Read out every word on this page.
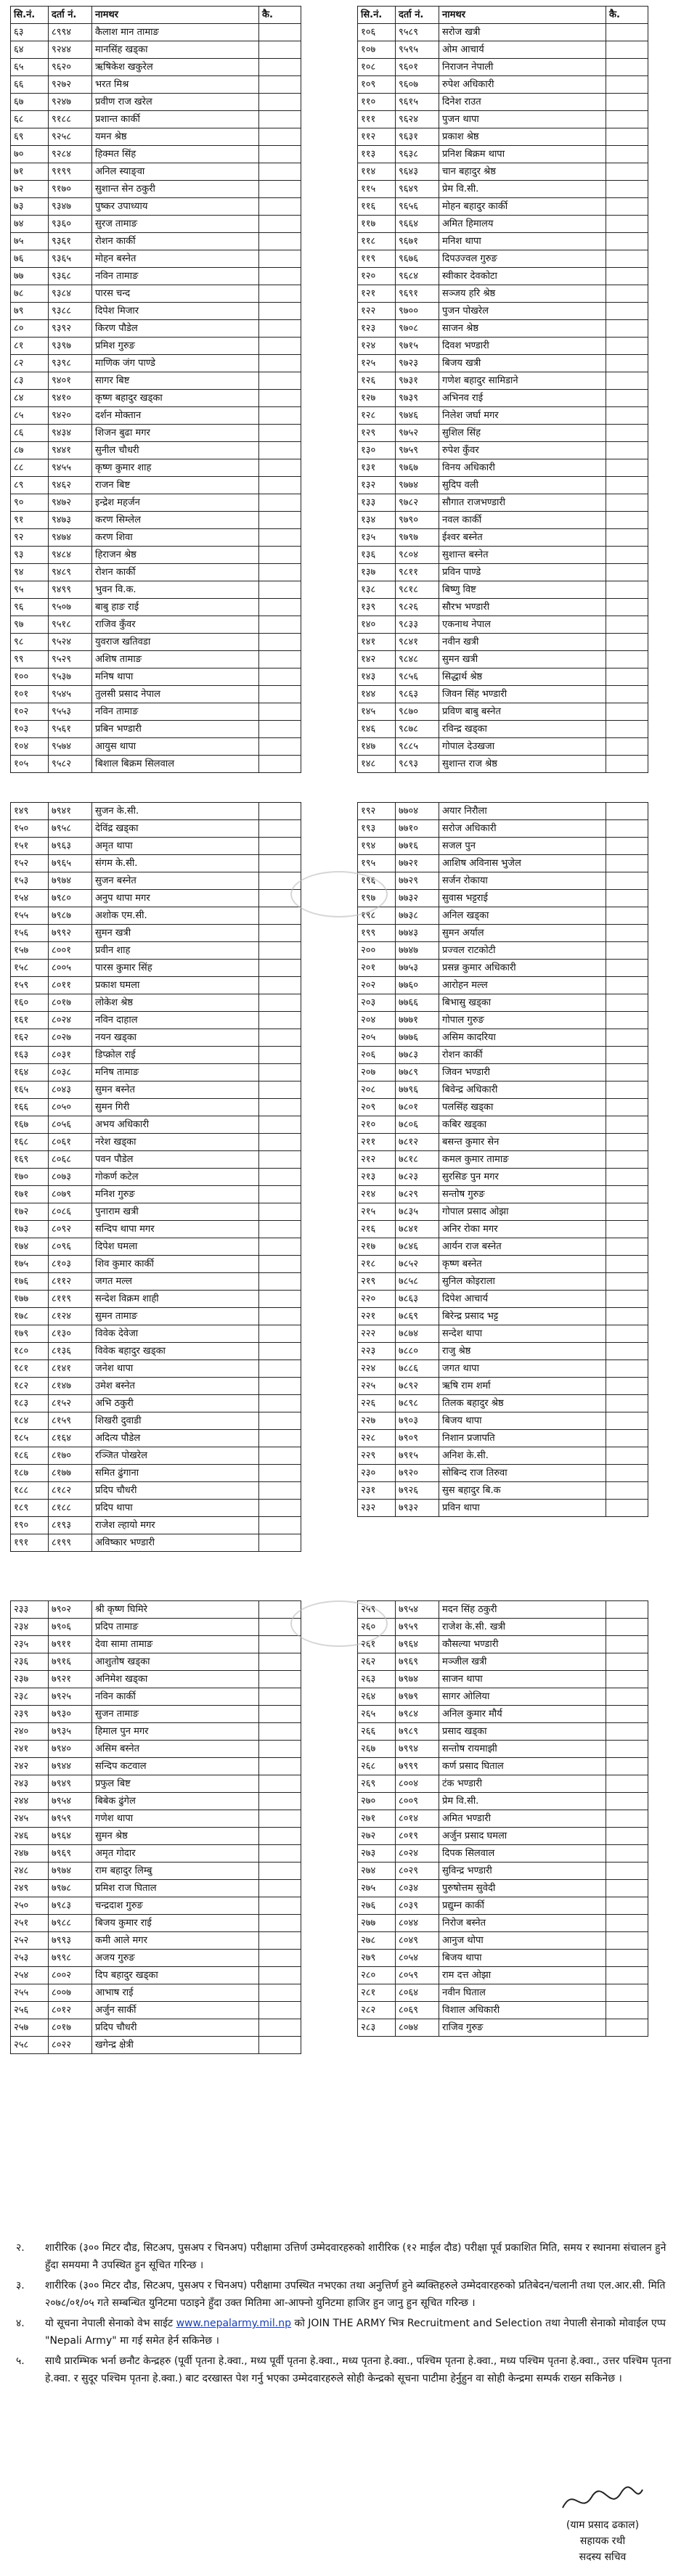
सि.नं.	दर्ता नं.	नामथर	कै.
६३	८९९४	कैलाश मान तामाङ	
६४	९२४४	मानसिंह खड्का	
६५	९६२०	ऋषिकेश खकुरेल	
६६	९२७२	भरत मिश्र	
६७	९२४७	प्रवीण राज खरेल	
६८	९१८८	प्रशान्त कार्की	
६९	९२५८	यमन श्रेष्ठ	
७०	९२८४	हिक्मत सिंह	
७१	९१९९	अनिल स्याङ्वा	
७२	९१७०	सुशान्त सेन ठकुरी	
७३	९३४७	पुष्कर उपाध्याय	
७४	९३६०	सुरज तामाङ	
७५	९३६१	रोशन कार्की	
७६	९३६५	मोहन बस्नेत	
७७	९३६८	नविन तामाङ	
७८	९३८४	पारस चन्द	
७९	९३८८	दिपेश मिजार	
८०	९३९२	किरण पौडेल	
८१	९३९७	प्रमिश गुरुङ	
८२	९३९८	माणिक जंग पाण्डे	
८३	९४०१	सागर बिष्ट	
८४	९४१०	कृष्ण बहादुर खड्का	
८५	९४२०	दर्शन मोक्तान	
८६	९४३४	शिजन बुढा मगर	
८७	९४४१	सुनील चौधरी	
८८	९४५५	कृष्ण कुमार शाह	
८९	९४६२	राजन बिष्ट	
९०	९४७२	इन्द्रेश महर्जन	
९१	९४७३	करण सिम्लेल	
९२	९४७४	करण शिवा	
९३	९४८४	हिराजन श्रेष्ठ	
९४	९४८९	रोशन कार्की	
९५	९४९९	भुवन वि.क.	
९६	९५०७	बाबु हाङ राई	
९७	९५१८	राजिव कुँवर	
९८	९५२४	युवराज खतिवडा	
९९	९५२९	अशिष तामाङ	
१००	९५३७	मनिष थापा	
१०१	९५४५	तुलसी प्रसाद नेपाल	
१०२	९५५३	नविन तामाङ	
१०३	९५६१	प्रबिन भण्डारी	
१०४	९५७४	आयुस थापा	
१०५	९५८२	बिशाल बिक्रम सिलवाल	
सि.नं.	दर्ता नं.	नामथर	कै.
१०६	९५८९	सरोज खत्री	
१०७	९५९५	ओम आचार्य	
१०८	९६०१	निराजन नेपाली	
१०९	९६०७	रुपेश अधिकारी	
११०	९६१५	दिनेश राउत	
१११	९६२४	पुजन थापा	
११२	९६३१	प्रकाश श्रेष्ठ	
११३	९६३८	प्रनिश बिक्रम थापा	
११४	९६४३	चान बहादुर श्रेष्ठ	
११५	९६४९	प्रेम वि.सी.	
११६	९६५६	मोहन बहादुर कार्की	
११७	९६६४	अमित हिमालय	
११८	९६७१	मनिश थापा	
११९	९६७६	दिपउज्वल गुरुङ	
१२०	९६८४	स्वीकार देवकोटा	
१२१	९६९१	सञ्जय हरि श्रेष्ठ	
१२२	९७००	पुजन पोखरेल	
१२३	९७०८	साजन श्रेष्ठ	
१२४	९७१५	दिवश भण्डारी	
१२५	९७२३	बिजय खत्री	
१२६	९७३१	गणेश बहादुर सामिडाने	
१२७	९७३९	अभिनव राई	
१२८	९७४६	निलेश जर्घा मगर	
१२९	९७५२	सुशिल सिंह	
१३०	९७५९	रुपेश कुँवर	
१३१	९७६७	विनय अधिकारी	
१३२	९७७४	सुदिप वली	
१३३	९७८२	सौगात राजभण्डारी	
१३४	९७९०	नवल कार्की	
१३५	९७९७	ईश्वर बस्नेत	
१३६	९८०४	सुशान्त बस्नेत	
१३७	९८११	प्रविन पाण्डे	
१३८	९८१८	बिष्णु विष्ट	
१३९	९८२६	सौरभ भण्डारी	
१४०	९८३३	एकनाथ नेपाल	
१४१	९८४१	नवीन खत्री	
१४२	९८४८	सुमन खत्री	
१४३	९८५६	सिद्धार्थ श्रेष्ठ	
१४४	९८६३	जिवन सिंह भण्डारी	
१४५	९८७०	प्रविण बाबु बस्नेत	
१४६	९८७८	रविन्द्र खड्का	
१४७	९८८५	गोपाल देउखजा	
१४८	९८९३	सुशान्त राज श्रेष्ठ	
१४९	७९४१	सुजन के.सी.	
१५०	७९५८	देविंद्र खड्का	
१५१	७९६३	अमृत थापा	
१५२	७९६५	संगम के.सी.	
१५३	७९७४	सुजन बस्नेत	
१५४	७९८०	अनुप थापा मगर	
१५५	७९८७	अशोक एम.सी.	
१५६	७९९२	सुमन खत्री	
१५७	८००१	प्रवीन शाह	
१५८	८००५	पारस कुमार सिंह	
१५९	८०११	प्रकाश घमला	
१६०	८०१७	लोकेश श्रेष्ठ	
१६१	८०२४	नविन दाहाल	
१६२	८०२७	नयन खड्का	
१६३	८०३१	डिप्क्रोल राई	
१६४	८०३८	मनिष तामाङ	
१६५	८०४३	सुमन बस्नेत	
१६६	८०५०	सुमन गिरी	
१६७	८०५६	अभय अधिकारी	
१६८	८०६१	नरेश खड्का	
१६९	८०६८	पवन पौडेल	
१७०	८०७३	गोकर्ण कटेल	
१७१	८०७९	मनिश गुरुङ	
१७२	८०८६	पुनाराम खत्री	
१७३	८०९२	सन्दिप थापा मगर	
१७४	८०९६	दिपेश घमला	
१७५	८१०३	शिव कुमार कार्की	
१७६	८११२	जगत मल्ल	
१७७	८११९	सन्देश विक्रम शाही	
१७८	८१२४	सुमन तामाङ	
१७९	८१३०	विवेक देवेजा	
१८०	८१३६	विवेक बहादुर खड्का	
१८१	८१४१	जनेश थापा	
१८२	८१४७	उमेश बस्नेत	
१८३	८१५२	अभि ठकुरी	
१८४	८१५९	शिखरी दुवाडी	
१८५	८१६४	अदित्य पौडेल	
१८६	८१७०	रञ्जित पोखरेल	
१८७	८१७७	समित ढुंगाना	
१८८	८१८२	प्रदिप चौधरी	
१८९	८१८८	प्रदिप थापा	
१९०	८१९३	राजेश ल्हायो मगर	
१९१	८१९९	अविष्कार भण्डारी	
१९२	७७०४	अयार निरौला	
१९३	७७१०	सरोज अधिकारी	
१९४	७७१६	सजल पुन	
१९५	७७२१	आशिष अविनास भुजेल	
१९६	७७२९	सर्जन रोकाया	
१९७	७७३२	सुवास भट्टराई	
१९८	७७३८	अनिल खड्का	
१९९	७७४३	सुमन अर्याल	
२००	७७४७	प्रज्वल राटकोटी	
२०१	७७५३	प्रसन्न कुमार अधिकारी	
२०२	७७६०	आरोहन मल्ल	
२०३	७७६६	बिभासु खड्का	
२०४	७७७१	गोपाल गुरुङ	
२०५	७७७६	असिम कादरिया	
२०६	७७८३	रोशन कार्की	
२०७	७७८९	जिवन भण्डारी	
२०८	७७९६	बिवेन्द्र अधिकारी	
२०९	७८०१	पलसिंह खड्का	
२१०	७८०६	कबिर खड्का	
२११	७८१२	बसन्त कुमार सेन	
२१२	७८१८	कमल कुमार तामाङ	
२१३	७८२३	सुरसिङ पुन मगर	
२१४	७८२९	सन्तोष गुरुङ	
२१५	७८३५	गोपाल प्रसाद ओझा	
२१६	७८४१	अनिर रोका मगर	
२१७	७८४६	आर्यन राज बस्नेत	
२१८	७८५२	कृष्ण बस्नेत	
२१९	७८५८	सुनिल कोइराला	
२२०	७८६३	दिपेश आचार्य	
२२१	७८६९	बिरेन्द्र प्रसाद भट्ट	
२२२	७८७४	सन्देश थापा	
२२३	७८८०	राजु श्रेष्ठ	
२२४	७८८६	जगत थापा	
२२५	७८९२	ऋषि राम शर्मा	
२२६	७८९८	तिलक बहादुर श्रेष्ठ	
२२७	७९०३	बिजय थापा	
२२८	७९०९	निशान प्रजापति	
२२९	७९१५	अनिश के.सी.	
२३०	७९२०	सोबिन्द राज तिरुवा	
२३१	७९२६	सुस बहादुर बि.क	
२३२	७९३२	प्रविन थापा	
२३३	७९०२	श्री कृष्ण घिमिरे	
२३४	७९०६	प्रदिप तामाङ	
२३५	७९११	देवा सामा तामाङ	
२३६	७९१६	आशुतोष खड्का	
२३७	७९२१	अनिमेश खड्का	
२३८	७९२५	नविन कार्की	
२३९	७९३०	सुजन तामाङ	
२४०	७९३५	हिमाल पुन मगर	
२४१	७९४०	असिम बस्नेत	
२४२	७९४४	सन्दिप कटवाल	
२४३	७९४९	प्रफुल बिष्ट	
२४४	७९५४	बिबेक ढुंगेल	
२४५	७९५९	गणेश थापा	
२४६	७९६४	सुमन श्रेष्ठ	
२४७	७९६९	अमृत गोदार	
२४८	७९७४	राम बहादुर लिम्बु	
२४९	७९७८	प्रमिश राज घिताल	
२५०	७९८३	चन्द्रदाश गुरुङ	
२५१	७९८८	बिजय कुमार राई	
२५२	७९९३	कमी आले मगर	
२५३	७९९८	अजय गुरुङ	
२५४	८००२	दिप बहादुर खड्का	
२५५	८००७	आभाष राई	
२५६	८०१२	अर्जुन सार्की	
२५७	८०१७	प्रदिप चौधरी	
२५८	८०२२	खगेन्द्र क्षेत्री	
२५९	७९५४	मदन सिंह ठकुरी	
२६०	७९५९	राजेश के.सी. खत्री	
२६१	७९६४	कौसल्या भण्डारी	
२६२	७९६९	मञ्जील खत्री	
२६३	७९७४	साजन थापा	
२६४	७९७९	सागर ओलिया	
२६५	७९८४	अनिल कुमार मौर्य	
२६६	७९८९	प्रसाद खड्का	
२६७	७९९४	सन्तोष रायमाझी	
२६८	७९९९	कर्ण प्रसाद घिताल	
२६९	८००४	टंक भण्डारी	
२७०	८००९	प्रेम वि.सी.	
२७१	८०१४	अमित भण्डारी	
२७२	८०१९	अर्जुन प्रसाद घमला	
२७३	८०२४	दिपक सिलवाल	
२७४	८०२९	सुविन्द्र भण्डारी	
२७५	८०३४	पुरुषोत्तम सुवेदी	
२७६	८०३९	प्रद्युम्न कार्की	
२७७	८०४४	निरोज बस्नेत	
२७८	८०४९	आनुज थोपा	
२७९	८०५४	बिजय थापा	
२८०	८०५९	राम दत्त ओझा	
२८१	८०६४	नवीन घिताल	
२८२	८०६९	विशाल अधिकारी	
२८३	८०७४	राजिव गुरुङ	
२.	शारीरिक (३०० मिटर दौड, सिटअप, पुसअप र चिनअप) परीक्षामा उत्तिर्ण उम्मेदवारहरुको शारीरिक (१२ माईल दौड) परीक्षा पूर्व प्रकाशित मिति, समय र स्थानमा संचालन हुने हुँदा समयमा नै उपस्थित हुन सूचित गरिन्छ ।
३.	शारीरिक (३०० मिटर दौड, सिटअप, पुसअप र चिनअप) परीक्षामा उपस्थित नभएका तथा अनुत्तिर्ण हुने ब्यक्तिहरुले उम्मेदवारहरुको प्रतिबेदन/चलानी तथा एल.आर.सी. मिति २०७८/०१/०५ गते सम्बन्धित युनिटमा पठाइने हुँदा उक्त मितिमा आ-आफ्नो युनिटमा हाजिर हुन जानु हुन सूचित गरिन्छ ।
४.	यो सूचना नेपाली सेनाको वेभ साईट www.nepalarmy.mil.np को JOIN THE ARMY भित्र Recruitment and Selection तथा नेपाली सेनाको मोवाईल एप्प "Nepali Army" मा गई समेत हेर्न सकिनेछ ।
५.	साथै प्रारम्भिक भर्ना छनौट केन्द्रहरु (पूर्वी पृतना हे.क्वा., मध्य पूर्वी पृतना हे.क्वा., मध्य पृतना हे.क्वा., पश्चिम पृतना हे.क्वा., मध्य पश्चिम पृतना हे.क्वा., उत्तर पश्चिम पृतना हे.क्वा. र सुदूर पश्चिम पृतना हे.क्वा.) बाट दरखास्त पेश गर्नु भएका उम्मेदवारहरुले सोही केन्द्रको सूचना पाटीमा हेर्नुहुन वा सोही केन्द्रमा सम्पर्क राख्न सकिनेछ ।
(याम प्रसाद ढकाल)
सहायक रथी
सदस्य सचिव
